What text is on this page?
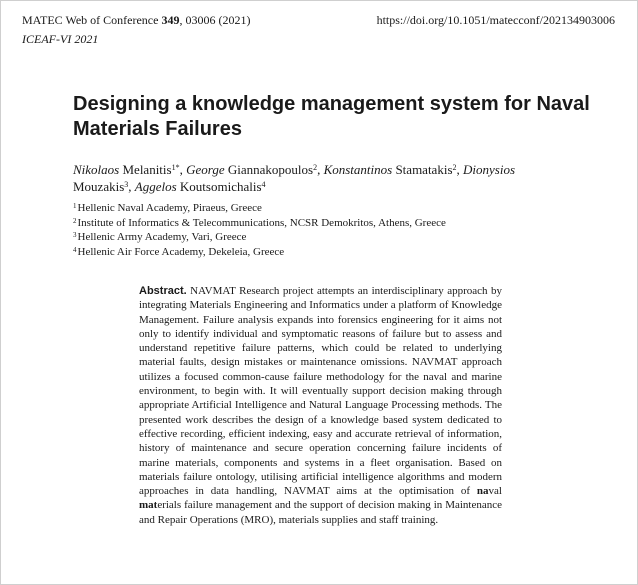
MATEC Web of Conference 349, 03006 (2021)
ICEAF-VI 2021
https://doi.org/10.1051/matecconf/202134903006
Designing a knowledge management system for Naval Materials Failures
Nikolaos Melanitis$^{1*}$, George Giannakopoulos$^2$, Konstantinos Stamatakis$^2$, Dionysios Mouzakis$^3$, Aggelos Koutsomichalis$^4$
$^1$Hellenic Naval Academy, Piraeus, Greece
$^2$Institute of Informatics & Telecommunications, NCSR Demokritos, Athens, Greece
$^3$Hellenic Army Academy, Vari, Greece
$^4$Hellenic Air Force Academy, Dekeleia, Greece
Abstract. NAVMAT Research project attempts an interdisciplinary approach by integrating Materials Engineering and Informatics under a platform of Knowledge Management. Failure analysis expands into forensics engineering for it aims not only to identify individual and symptomatic reasons of failure but to assess and understand repetitive failure patterns, which could be related to underlying material faults, design mistakes or maintenance omissions. NAVMAT approach utilizes a focused common-cause failure methodology for the naval and marine environment, to begin with. It will eventually support decision making through appropriate Artificial Intelligence and Natural Language Processing methods. The presented work describes the design of a knowledge based system dedicated to effective recording, efficient indexing, easy and accurate retrieval of information, history of maintenance and secure operation concerning failure incidents of marine materials, components and systems in a fleet organisation. Based on materials failure ontology, utilising artificial intelligence algorithms and modern approaches in data handling, NAVMAT aims at the optimisation of naval materials failure management and the support of decision making in Maintenance and Repair Operations (MRO), materials supplies and staff training.
